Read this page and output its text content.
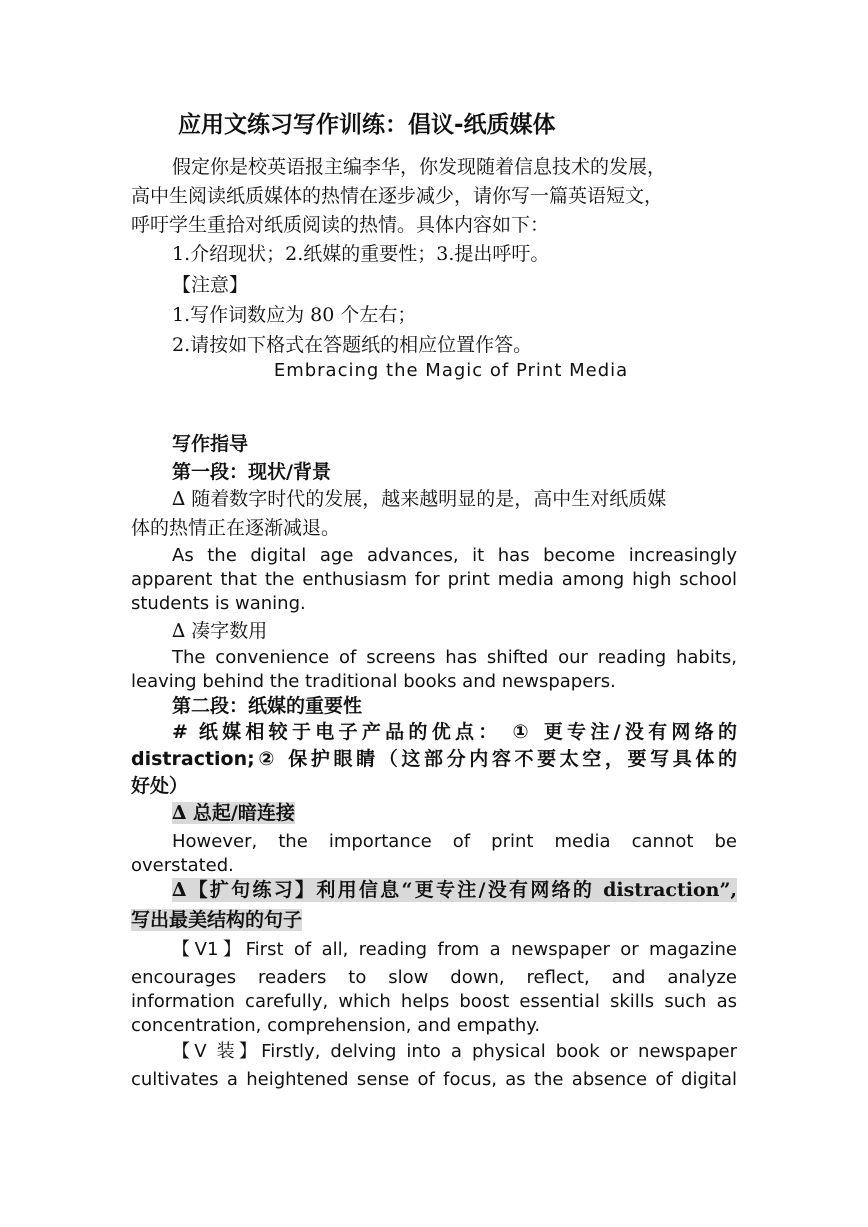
应用文练习写作训练：倡议-纸质媒体
假定你是校英语报主编李华，你发现随着信息技术的发展，
高中生阅读纸质媒体的热情在逐步减少，请你写一篇英语短文，
呼吁学生重拾对纸质阅读的热情。具体内容如下：
1.介绍现状；2.纸媒的重要性；3.提出呼吁。
【注意】
1.写作词数应为 80 个左右；
2.请按如下格式在答题纸的相应位置作答。
Embracing the Magic of Print Media
写作指导
第一段：现状/背景
∆ 随着数字时代的发展，越来越明显的是，高中生对纸质媒
体的热情正在逐渐减退。
As the digital age advances, it has become increasingly
apparent that the enthusiasm for print media among high school
students is waning.
∆ 凑字数用
The convenience of screens has shifted our reading habits,
leaving behind the traditional books and newspapers.
第二段：纸媒的重要性
# 纸媒相较于电子产品的优点： ① 更专注/没有网络的
distraction;② 保护眼睛（这部分内容不要太空，要写具体的
好处）
∆ 总起/暗连接
However, the importance of print media cannot be
overstated.
∆【扩句练习】利用信息“更专注/没有网络的 distraction”,
写出最美结构的句子
【V1】First of all, reading from a newspaper or magazine
encourages readers to slow down, reflect, and analyze
information carefully, which helps boost essential skills such as
concentration, comprehension, and empathy.
【V 装】Firstly, delving into a physical book or newspaper
cultivates a heightened sense of focus, as the absence of digital
